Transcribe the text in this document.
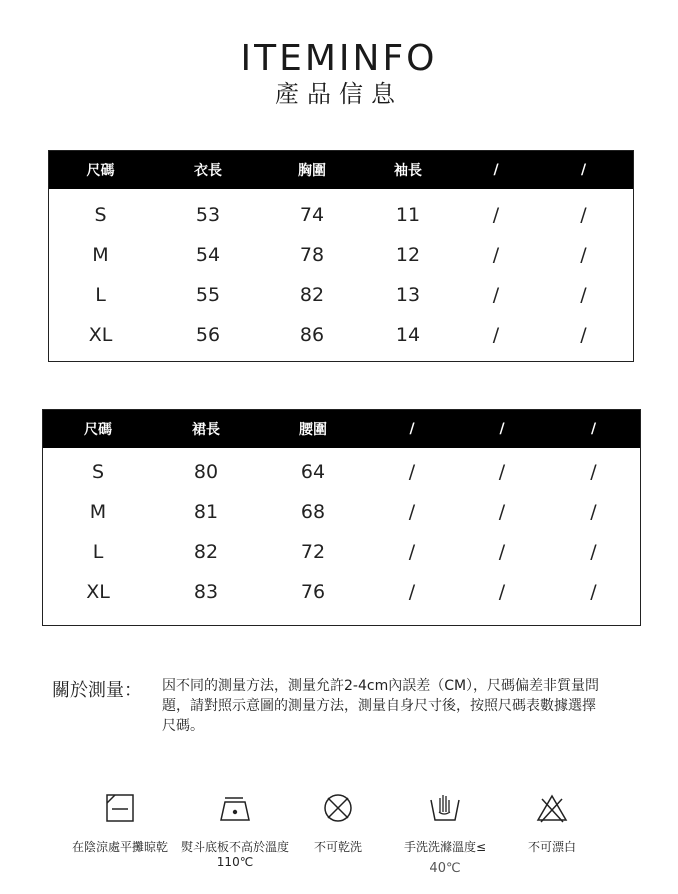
ITEMINFO
產品信息
尺碼	衣長	胸圍	袖長	/	/
S	53	74	11	/	/
M	54	78	12	/	/
L	55	82	13	/	/
XL	56	86	14	/	/
尺碼	裙長	腰圍	/	/	/
S	80	64	/	/	/
M	81	68	/	/	/
L	82	72	/	/	/
XL	83	76	/	/	/
關於測量： 因不同的測量方法，測量允許2-4cm內誤差（CM），尺碼偏差非質量問題，請對照示意圖的測量方法，測量自身尺寸後，按照尺碼表數據選擇尺碼。
在陰涼處平攤晾乾	熨斗底板不高於溫度110℃
不可乾洗	手洗洗滌溫度≤
40℃
不可漂白
